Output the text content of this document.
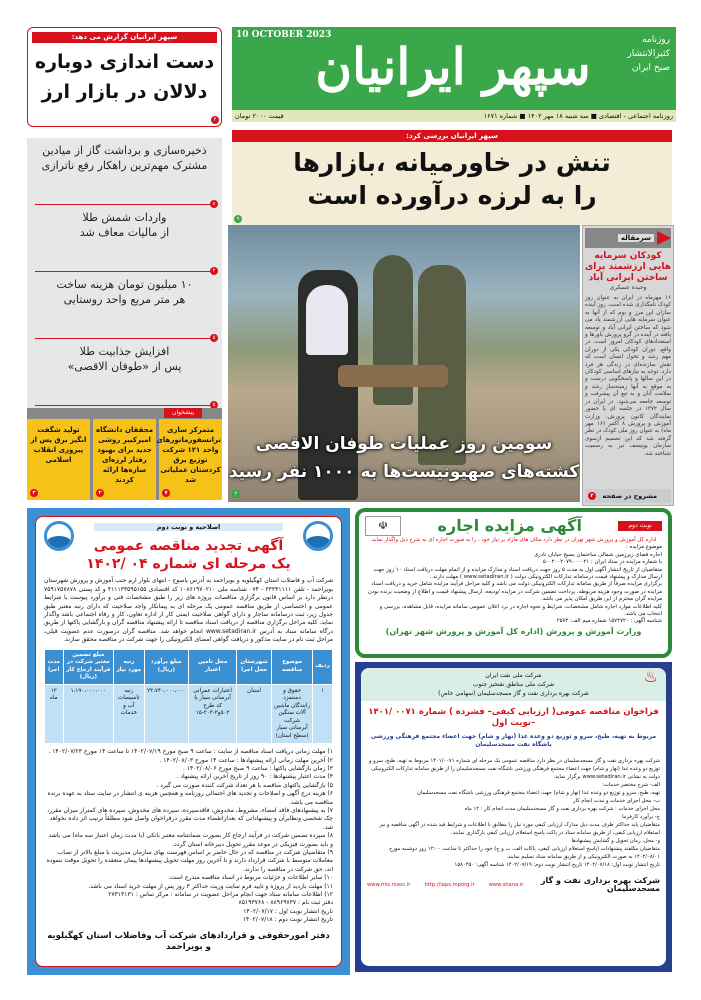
سپهر ایرانیان
10 OCTOBER 2023	روزنامه
کثیرالانتشار
صبح ایران
روزنامه اجتماعی - اقتصادی ■ سه شنبه ۱۸ مهر ۱۴۰۲ ■ شماره ۱۶۷۱
قیمت ۲۰۰۰ تومان
سپهر ایرانیان بررسی کرد:
تنش در خاورمیانه ،بازارها
را به لرزه درآورده است
۹
سومین روز عملیات طوفان الاقصی
کشته‌های صهیونیست‌ها به ۱۰۰۰ نفر رسید
۲
سرمقاله
کودکان سرمایه هایی ارزشمند برای ساختن ایرانی آباد
وحیده عسکری
۱۶ مهرماه در ایران به عنوان روز کودک نامگذاری شده است. روز آینده سازان این مرز و بوم که از آنها به عنوان سرمایه هایی ارزشمند یاد می شود که ساختن ایرانی آباد و توسعه یافته در آینده در گرو پرورش باورها و استعدادهای کودکان امروز است. در واقع، دوران کودکی یکی از دوران مهم رشد و تحول انسان است که نقش سازنده‌ای در زندگی هر فرد دارد. توجه به نیازهای اساسی کودکان در این سالها و پاسخگویی درست و به موقع به آنها زمینه‌ساز رشد و سلامت آنان و به تبع آن پیشرفت و توسعه جامعه می‌شود. در ایران در سال ۱۳۷۲ در جلسه ای با حضور نمایندگان کانون پرورش، وزارت آموزش و پرورش ۸ اکتبر (۱۶ مهر ماه) به عنوان روز ملی کودک در نظر گرفته شد که این تصمیم ازسوی سازمان یونیسف نیز به رسمیت شناخته شد.
مشروح در صفحه
۲
سپهر ایرانیان گزارش می دهد:
دست اندازی دوباره
دلالان در بازار ارز
۴
ذخیره‌سازی و برداشت گاز از میادین
مشترک مهم‌ترین راهکار رفع ناترازی
۸
واردات شمش طلا
از مالیات معاف شد
۴
۱۰ میلیون تومان هزینه ساخت
هر متر مربع واحد روستایی
۵
افزایش جذابیت طلا
پس از «طوفان الاقصی»
۵
پیشخوان
متمرکز سازی ترانسفورماتورهای واحد ۱۲۱ شرکت توزیع برق کردستان عملیاتی شد
۷
محققان دانشگاه امیرکبیر روشی جدید برای بهبود رفتار لرزه‌ای سازه‌ها ارائه کردند
۳
تولید شگفت انگیز برق پس از پیروزی انقلاب اسلامی
۳
اصلاحیه و نوبت دوم
آگهی تجدید مناقصه عمومی
یک مرحله ای شماره ۰۴ /۱۴۰۲
شرکت آب و فاضلاب استان کهگیلویه و بویراحمد به آدرس یاسوج - انتهای بلوار ارم جنب آموزش و پرورش شهرستان بویراحمد - تلفن ۳۳۳۴۱۱۱۱ - ۰۷۴ شناسه ملی ۱۰۸۶۱۹۷۰۲۱۰ کد اقتصادی ۴۱۱۱۳۳۵۹۵۱۵۵ و کد پستی ۷۵۹۱۷۵۷۸۷۸ درنظر دارد بر اساس قانون برگزاری مناقصات پروژه های زیر را طبق مشخصات فنی و برآورد پیوست با شرایط عمومی و اختصاصی از طریق مناقصه عمومی یک مرحله ای به پیمانکار واجد صلاحیت که دارای رتبه معتبر طبق جدول زیر، ثبت درسامانه ساجار و دارای گواهی صلاحیت ایمنی کار از اداره تعاون، کار و رفاه اجتماعی باشد واگذار نماید. کلیه مراحل برگزاری مناقصه از دریافت اسناد مناقصه تا ارائه پیشنهاد مناقصه گران و بازگشایی پاکتها از طریق درگاه سامانه ستاد به آدرس www.setadiran.ir انجام خواهد شد. مناقصه گران درصورت عدم عضویت قبلی، مراحل ثبت نام در سایت مذکور و دریافت گواهی امضای الکترونیکی را جهت شرکت در مناقصه محقق سازند.
ردیف	موضوع مناقصه	شهرستان محل اجرا	محل تامین اعتبار	مبلغ برآورد (ریال)	رتبه مورد نیاز	مبلغ تضمین معتبر شرکت در فرآیند ارجاع کار (ریال)	مدت اجرا
۱	حقوق و دستمزد رانندگان ماشین آلات سنگین شرکت آبرسانی سیار (سطح استان)	استان	اعتبارات عمرانی آبرسانی سیار با کد طرح ۵۰۲و۳-۳۰۳-۱۵	۲۳،۷۴۰،۰۰۰،۰۰۰	رتبه تاسیسات آب و خدمات	۱،۱۹۰،۰۰۰،۰۰۰	۱۲ ماه
۱) مهلت زمانی دریافت اسناد مناقصه از سایت : ساعت ۹ صبح مورخ ۱۴۰۲/۰۷/۱۹ تا ساعت ۱۴ مورخ ۱۴۰۲/۰۷/۲۳ .
۲) آخرین مهلت زمانی ارائه پیشنهادها : ساعت ۱۴ مورخ ۱۴۰۲/۰۸/۰۳ .
۳) زمان بازگشایی پاکتها : ساعت ۹ صبح مورخ ۱۴۰۲/۰۸/۰۶ .
۴) مدت اعتبار پیشنهادها : ۹۰ روز از تاریخ آخرین ارائه پیشنهاد .
۵) بازگشایی پاکتهای مناقصه با هر تعداد شرکت کننده صورت می گیرد .
۶) هزینه درج آگهی و اصلاحات و تجدید های احتمالی روزنامه و همچنین هزینه ی انتشار در سایت ستاد به عهده برنده مناقصه می باشد.
۷) به پیشنهادهای فاقد امضاء، مشروط، مخدوش، فاقدسپرده، سپرده های مخدوش، سپرده های کمتراز میزان مقرر، چک شخصی ونظایرآن و پیشنهاداتی که بعدازانقضاء مدت مقرر درفراخوان واصل شود مطلقاً ترتیب اثر داده نخواهد شد.
۸) سپرده تضمین شرکت در فرآیند ارجاع کار بصورت ضمانتنامه معتبر بانکی (با مدت زمان اعتبار سه ماه) می باشد و باید بصورت فیزیکی در موعد مقرر تحویل دبیرخانه استان گردد.
۹) متقاضیان شرکت در مناقصه که در حال حاضر بر اساس فهرست بهای سازمان مدیریت با مبلغ بالاتر از نصاب معاملات متوسط با شرکت قرارداد دارند و تا آخرین روز مهلت تحویل پیشنهادها پیمان منعقده را تحویل موقت ننموده اند، حق شرکت در مناقصه را ندارند.
۱۰) سایر اطلاعات و جزئیات مربوط در اسناد مناقصه مندرج است.
۱۱) مهلت بازدید از پروژه و تایید فرم سایت وزیت حداکثر ۳ روز پس از مهلت خرید اسناد می باشد.
۱۲) اطلاعات سامانه ستاد جهت انجام مراحل عضویت در سامانه : مرکز تماس : ۲۷۳۱۳۱۳۱
دفتر ثبت نام : ۸۸۹۶۹۷۳۷ - ۸۵۱۹۳۷۶۸
تاریخ انتشار نوبت اول : ۱۴۰۲/۰۷/۱۷
تاریخ انتشار نوبت دوم : ۱۴۰۲/۰۷/۱۸
دفتر امورحقوقی و قراردادهای شرکت آب وفاضلاب استان کهگیلویه و بویراحمد
نوبت دوم
آگهی مزایده اجاره
☫
اداره کل آموزش و پرورش شهر تهران در نظر دارد مکان های مازاد بر نیاز خود ، را به صورت اجاره ای به شرح ذیل واگذار نماید.
موضوع مزایده :
اجاره فضای زیرزمین شمالی ساختمان بسیج خیابان نادری
با شماره مزایده در ستاد ایران : ۵۰۰۲۰۰۲۰۷۹۰۰۰۰۲۱
متقاضیان از تاریخ انتشار آگهی اول به مدت ۵ روز جهت دریافت اسناد و مدارک مزایده و از اتمام مهلت دریافت اسناد ۱۰ روز جهت ارسال مدارک و پیشنهاد قیمت درسامانه تدارکات الکترونیکی دولت ( www.setadiran.ir ) مهلت دارند .
برگزاری مزایده صرفاً از طریق سامانه تدارکات الکترونیکی دولت می باشد و کلیه مراحل فرآیند مزایده شامل خرید و دریافت اسناد مزایده در صورت وجود هزینه مربوطه، پرداخت تضمین شرکت در مزایده /ودیعه، ارسال پیشنهاد قیمت و اطلاع از وضعیت برنده بودن مزایده گران محترم از این طریق امکان پذیر می باشد.
کلیه اطلاعات موارد اجاره شامل مشخصات، شرایط و نحوه اجاره در برد اعلان عمومی سامانه مزایده، قابل مشاهده، بررسی و انتخاب می باشد.
شناسه آگهی : ۱۵۷۴۷۲۰ شماره میم الف: ۲۵۷۲
وزارت آموزش و پرورش (اداره کل آموزش و پرورش شهر تهران)
♨
شرکت ملی نفت ایران
شرکت ملی مناطق نفتخیز جنوب
شرکت بهره برداری نفت و گاز مسجدسلیمان (سهامی خاص)
فراخوان مناقصه عمومی( ارزیابی کیفی– فشرده ) شماره ۰۰۷۱ /۱۴۰۱ –نوبت اول
مربوط به تهیه، طبخ، سرو و توزیع دو وعده غذا (نهار و شام) جهت اعضاء مجتمع فرهنگی ورزشی باشگاه نفت مسجدسلیمان
شرکت بهره برداری نفت و گاز مسجدسلیمان در نظر دارد مناقصه عمومی یک مرحله ای شماره ۱۴۰۱/۰۰۷۱ مربوط به تهیه، طبخ، سرو و توزیع دو وعده غذا (نهار و شام) جهت اعضاء مجتمع فرهنگی ورزشی باشگاه نفت مسجدسلیمان را از طریق سامانه تدارکات الکترونیکی دولت به نشانی www.setadiran.ir برگزار نماید.
الف- شرح مختصر خدمات:
تهیه، طبخ، سرو و توزیع دو وعده غذا (نهار و شام) جهت اعضاء مجتمع فرهنگی ورزشی باشگاه نفت مسجدسلیمان
ب- محل اجرای خدمات و مدت انجام کار
محل اجرای خدمات : شرکت بهره برداری نفت و گاز مسجدسلیمان مدت انجام کار : ۱۲ ماه
ج- برآورد کارفرما
متقاضیان باید حداکثر ظرف مدت ذیل مدارک ارزیابی کیفی مورد نیاز را مطابق با اطلاعات و شرایط قید شده در آگهی مناقصه و نیز استعلام ارزیابی کیفی، از طریق سامانه ستاد در پاکت پاسخ استعلام ارزیابی کیفی بارگذاری نمایند.
و- محل، زمان تحویل و گشایش پیشنهادها
متقاضیان مکلفند پیشنهادات (پاسخ استعلام ارزیابی کیفی، پاکات الف، ب و ج) خود را حداکثر تا ساعت ۱۲:۰۰ روز دوشنبه مورخ ۱۴۰۲/۰۸/۰۱ به صورت الکترونیکی و از طریق سامانه ستاد تسلیم نمایند.
تاریخ انتشار نوبت اول: ۱۴۰۲/۰۷/۱۸ تاریخ انتشار نوبت دوم: ۱۴۰۲/۰۷/۱۹ شناسه آگهی: ۱۵۸۰۴۵۰
شرکت بهره برداری نفت و گاز مسجدسلیمان
www.mis.nisoc.ir	http://iaps.mporg.ir	www.shana.ir
